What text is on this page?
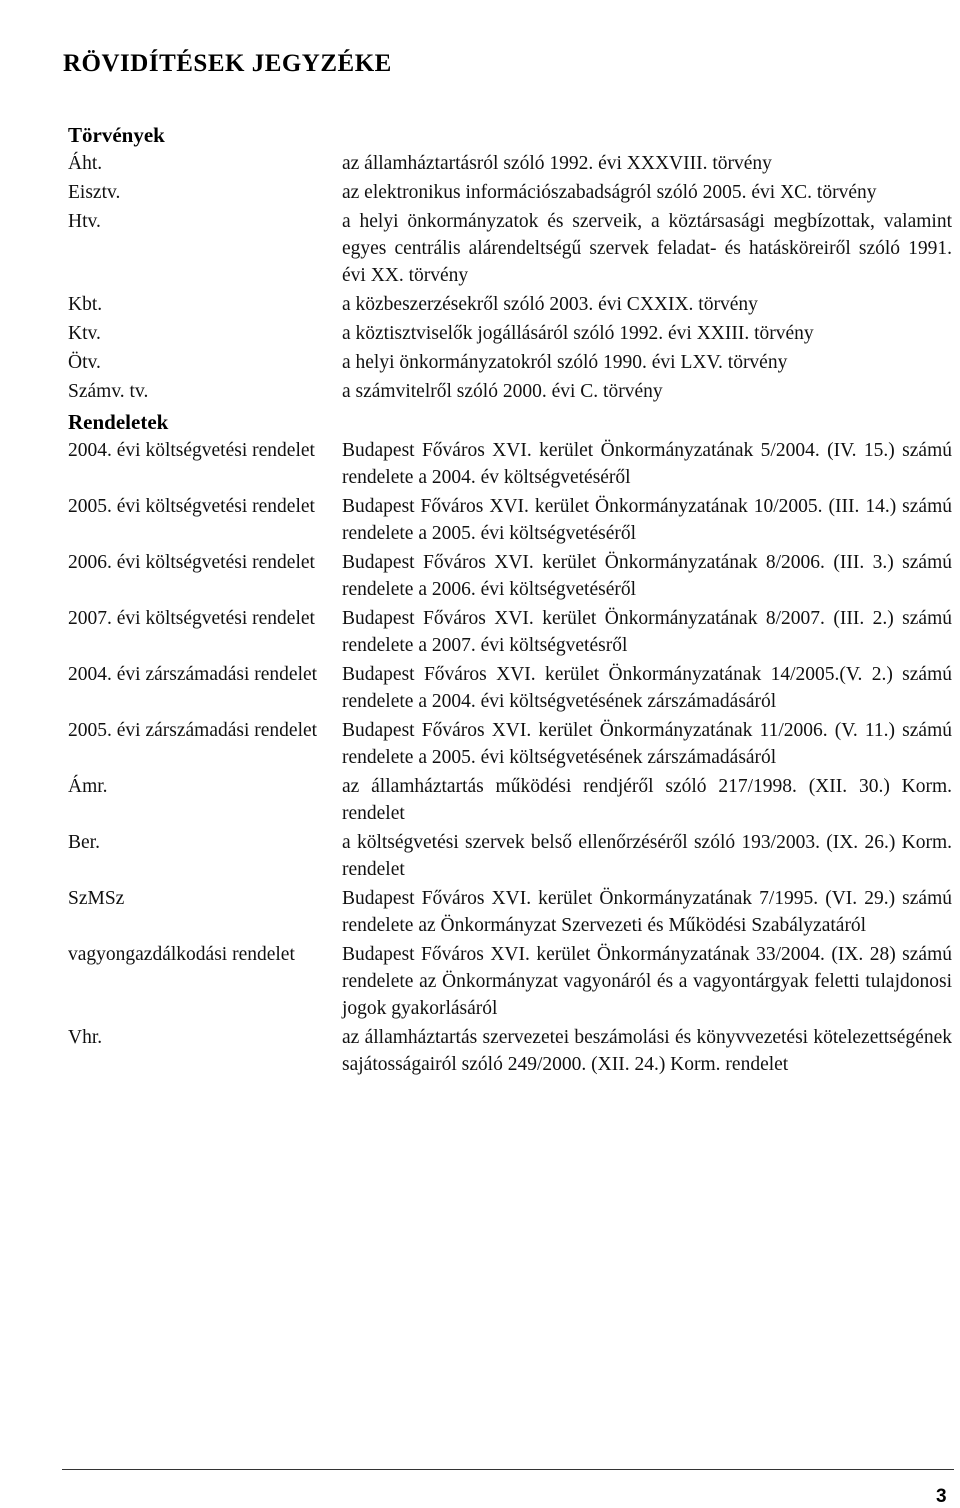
RÖVIDÍTÉSEK JEGYZÉKE
Törvények
Áht.	az államháztartásról szóló 1992. évi XXXVIII. törvény
Eisztv.	az elektronikus információszabadságról szóló 2005. évi XC. törvény
Htv.	a helyi önkormányzatok és szerveik, a köztársasági megbízottak, valamint egyes centrális alárendeltségű szervek feladat- és hatásköreiről szóló 1991. évi XX. törvény
Kbt.	a közbeszerzésekről szóló 2003. évi CXXIX. törvény
Ktv.	a köztisztviselők jogállásáról szóló 1992. évi XXIII. törvény
Ötv.	a helyi önkormányzatokról szóló 1990. évi LXV. törvény
Számv. tv.	a számvitelről szóló 2000. évi C. törvény
Rendeletek
2004. évi költségvetési rendelet	Budapest Főváros XVI. kerület Önkormányzatának 5/2004. (IV. 15.) számú rendelete a 2004. év költségvetéséről
2005. évi költségvetési rendelet	Budapest Főváros XVI. kerület Önkormányzatának 10/2005. (III. 14.) számú rendelete a 2005. évi költségvetéséről
2006. évi költségvetési rendelet	Budapest Főváros XVI. kerület Önkormányzatának 8/2006. (III. 3.) számú rendelete a 2006. évi költségvetéséről
2007. évi költségvetési rendelet	Budapest Főváros XVI. kerület Önkormányzatának 8/2007. (III. 2.) számú rendelete a 2007. évi költségvetésről
2004. évi zárszámadási rendelet	Budapest Főváros XVI. kerület Önkormányzatának 14/2005.(V. 2.) számú rendelete a 2004. évi költségvetésének zárszámadásáról
2005. évi zárszámadási rendelet	Budapest Főváros XVI. kerület Önkormányzatának 11/2006. (V. 11.) számú rendelete a 2005. évi költségvetésének zárszámadásáról
Ámr.	az államháztartás működési rendjéről szóló 217/1998. (XII. 30.) Korm. rendelet
Ber.	a költségvetési szervek belső ellenőrzéséről szóló 193/2003. (IX. 26.) Korm. rendelet
SzMSz	Budapest Főváros XVI. kerület Önkormányzatának 7/1995. (VI. 29.) számú rendelete az Önkormányzat Szervezeti és Működési Szabályzatáról
vagyongazdálkodási rendelet	Budapest Főváros XVI. kerület Önkormányzatának 33/2004. (IX. 28) számú rendelete az Önkormányzat vagyonáról és a vagyontárgyak feletti tulajdonosi jogok gyakorlásáról
Vhr.	az államháztartás szervezetei beszámolási és könyvvezetési kötelezettségének sajátosságairól szóló 249/2000. (XII. 24.) Korm. rendelet
3
